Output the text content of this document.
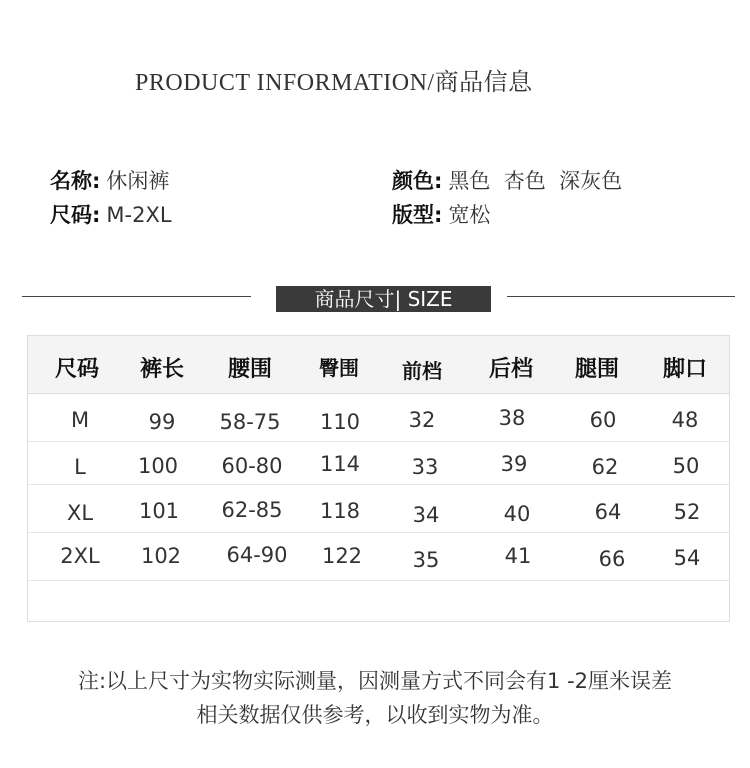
PRODUCT INFORMATION/商品信息
名称: 休闲裤
尺码: M-2XL
颜色: 黑色  杏色  深灰色
版型: 宽松
商品尺寸| SIZE
尺码	裤长	腰围	臀围	前档	后档	腿围	脚口
M	99	58-75	110	32	38	60	48
L	100	60-80	114	33	39	62	50
XL	101	62-85	118	34	40	64	52
2XL	102	64-90	122	35	41	66	54
注:以上尺寸为实物实际测量，因测量方式不同会有1 -2厘米误差
相关数据仅供参考，以收到实物为准。
